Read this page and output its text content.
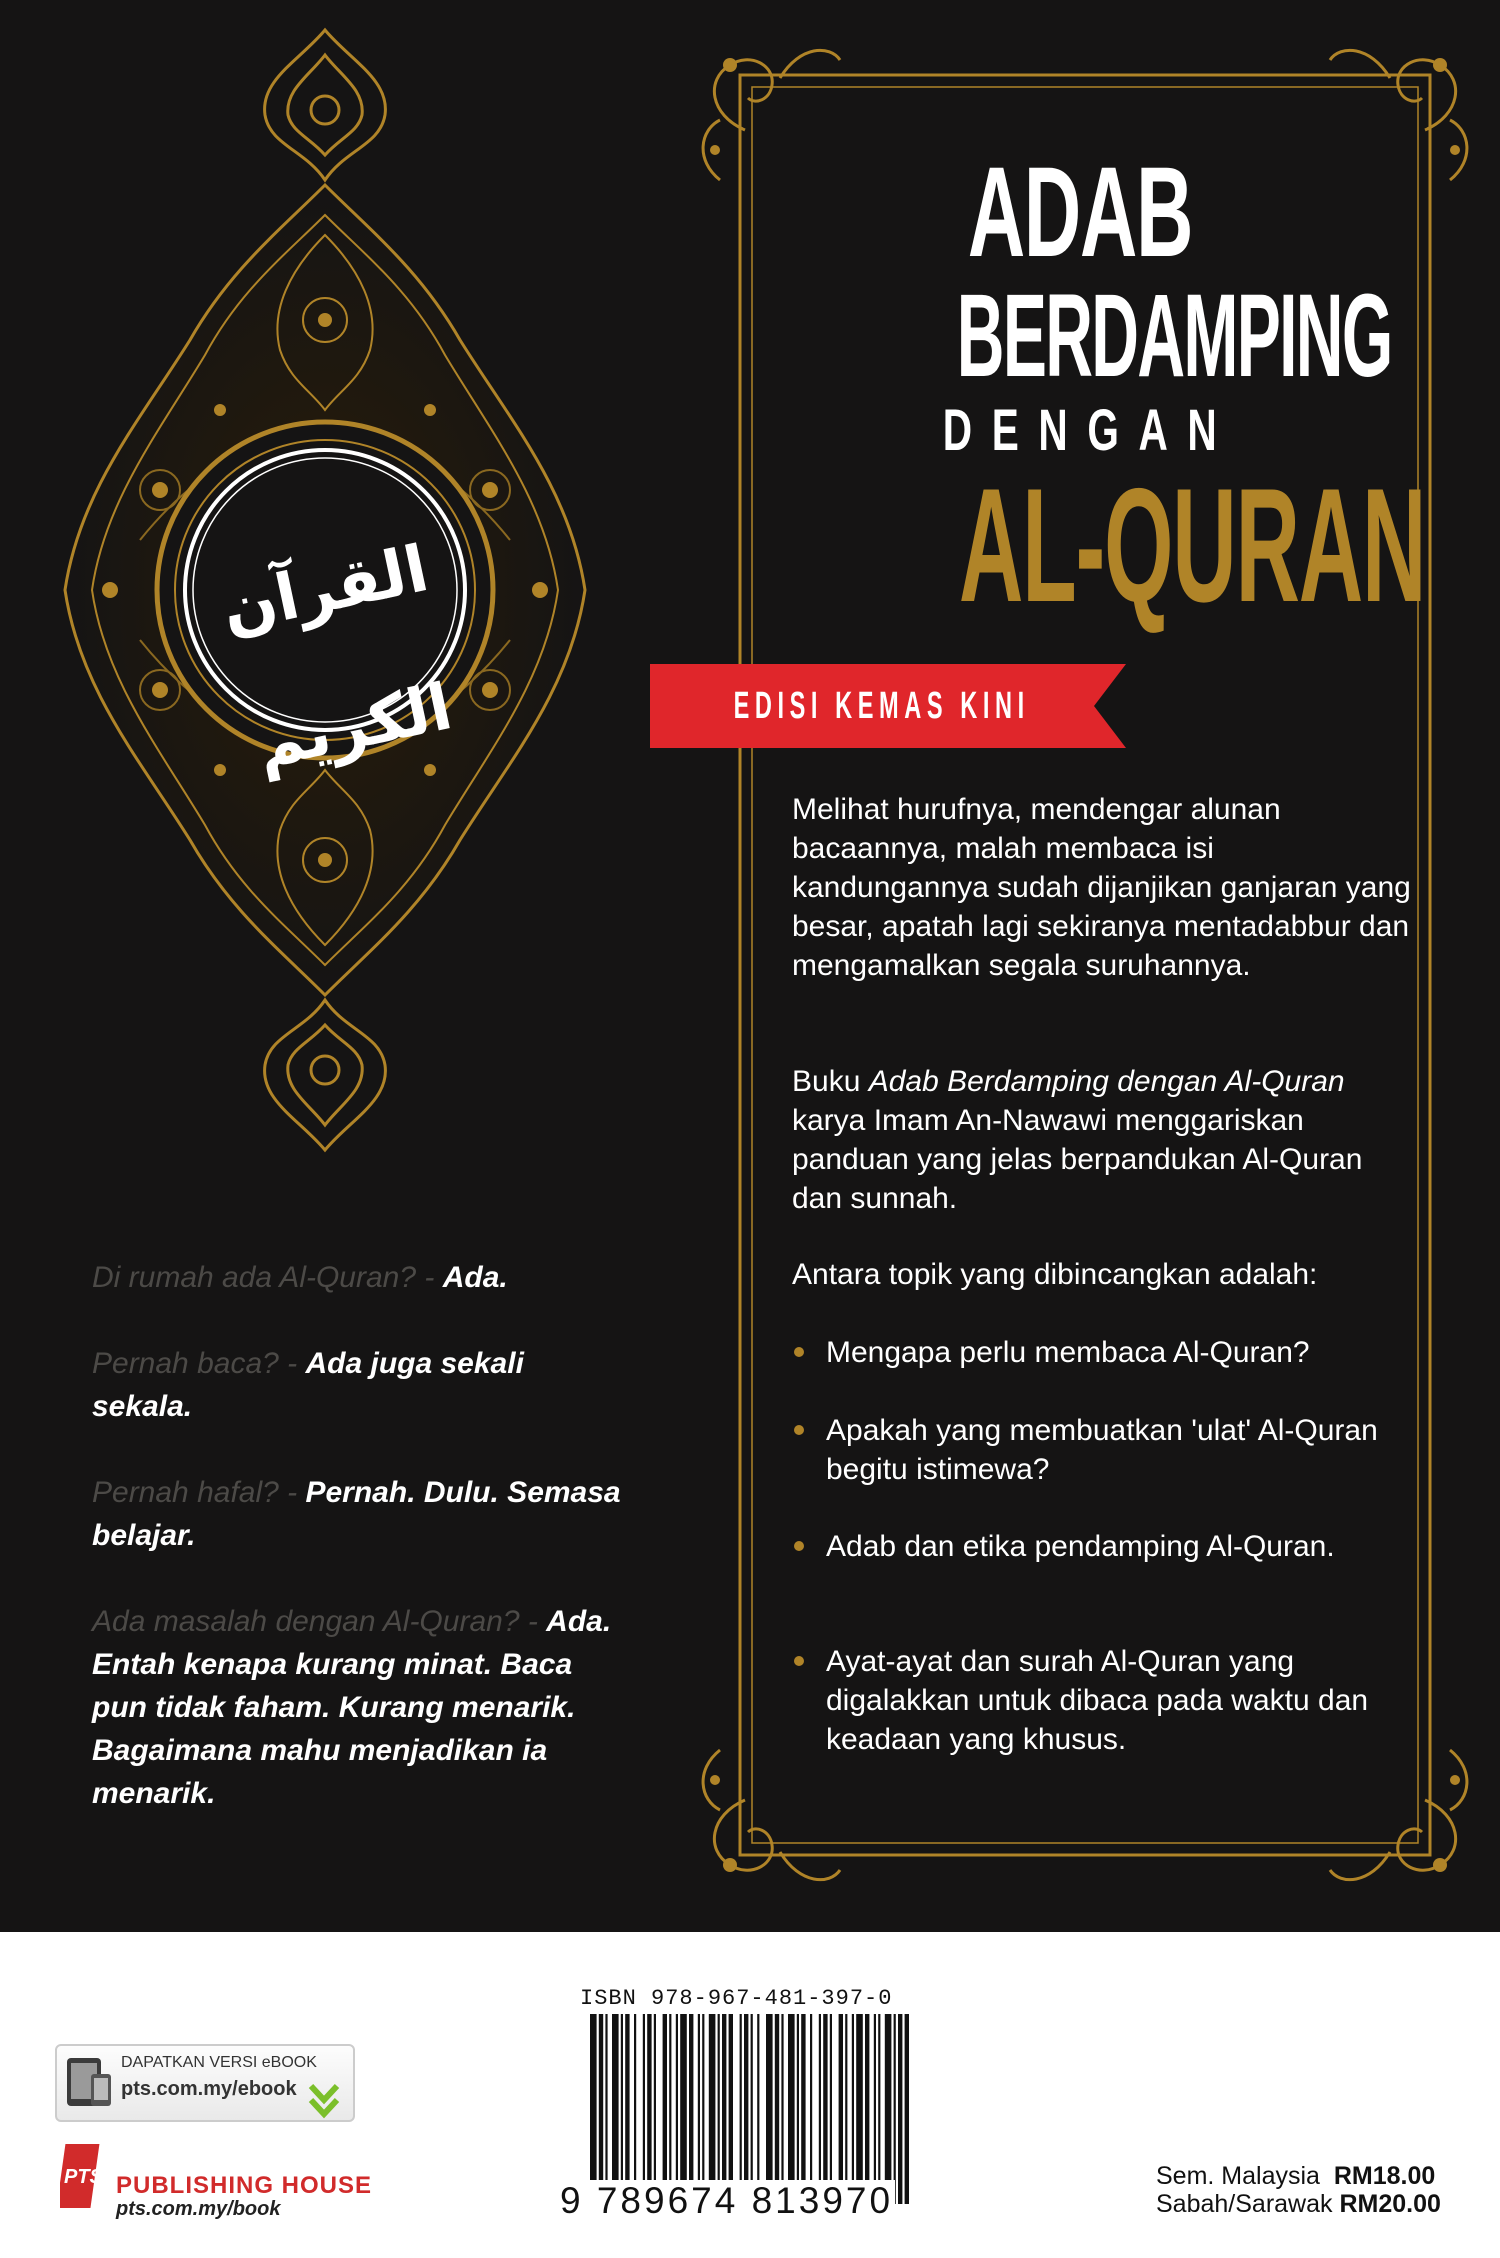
القرآن الكريم
ADAB
BERDAMPING
DENGAN
AL-QURAN
EDISI KEMAS KINI
Melihat hurufnya, mendengar alunan bacaannya, malah membaca isi kandungannya sudah dijanjikan ganjaran yang besar, apatah lagi sekiranya mentadabbur dan mengamalkan segala suruhannya.
Buku Adab Berdamping dengan Al-Quran karya Imam An-Nawawi menggariskan panduan yang jelas berpandukan Al-Quran dan sunnah.
Antara topik yang dibincangkan adalah:
Mengapa perlu membaca Al-Quran?
Apakah yang membuatkan 'ulat' Al-Quran begitu istimewa?
Adab dan etika pendamping Al-Quran.
Ayat-ayat dan surah Al-Quran yang digalakkan untuk dibaca pada waktu dan keadaan yang khusus.
Di rumah ada Al-Quran? - Ada.
Pernah baca? - Ada juga sekali sekala.
Pernah hafal? - Pernah. Dulu. Semasa belajar.
Ada masalah dengan Al-Quran? - Ada. Entah kenapa kurang minat. Baca pun tidak faham. Kurang menarik. Bagaimana mahu menjadikan ia menarik.
DAPATKAN VERSI eBOOK
pts.com.my/ebook
PTS PUBLISHING HOUSE
pts.com.my/book
ISBN 978-967-481-397-0
9 789674 813970
Sem. Malaysia RM18.00
Sabah/Sarawak RM20.00
